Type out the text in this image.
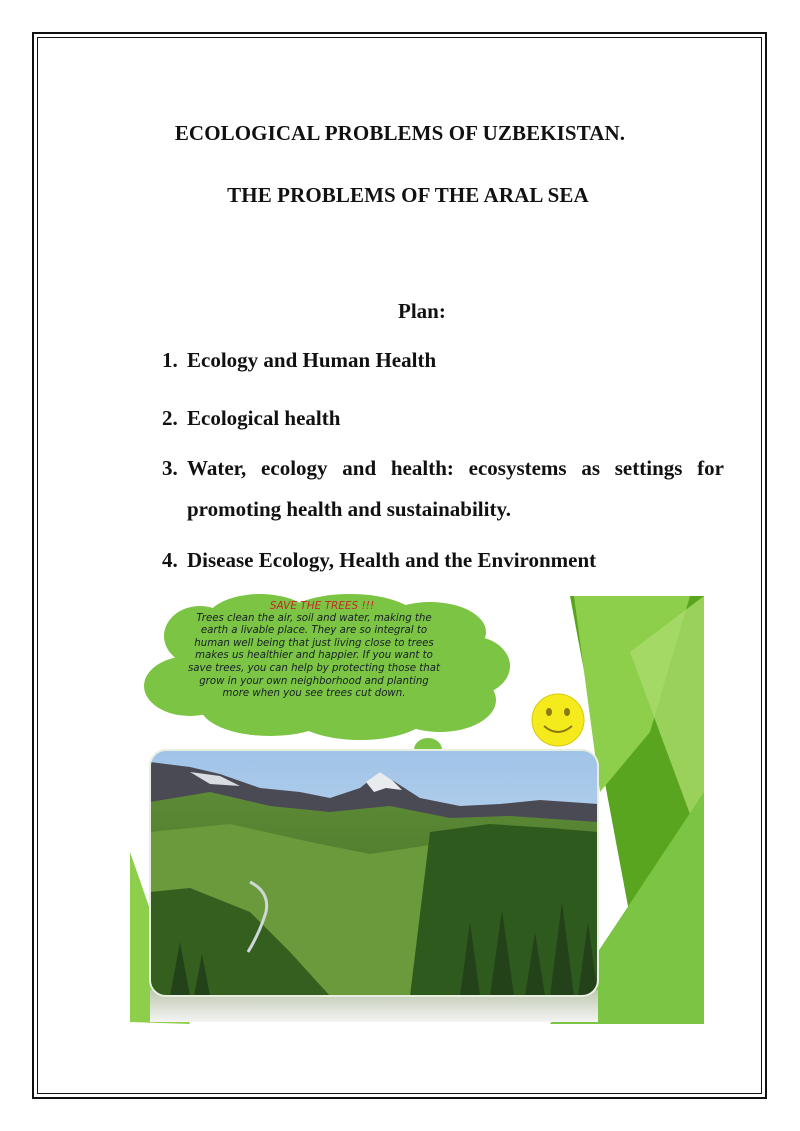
ECOLOGICAL PROBLEMS OF UZBEKISTAN.
THE PROBLEMS OF THE ARAL SEA
Plan:
1. Ecology and Human Health
2. Ecological health
3. Water, ecology and health: ecosystems as settings for promoting health and sustainability.
4. Disease Ecology, Health and the Environment
SAVE THE TREES !!!
Trees clean the air, soil and water, making the earth a livable place. They are so integral to human well being that just living close to trees makes us healthier and happier. If you want to save trees, you can help by protecting those that grow in your own neighborhood and planting more when you see trees cut down.
